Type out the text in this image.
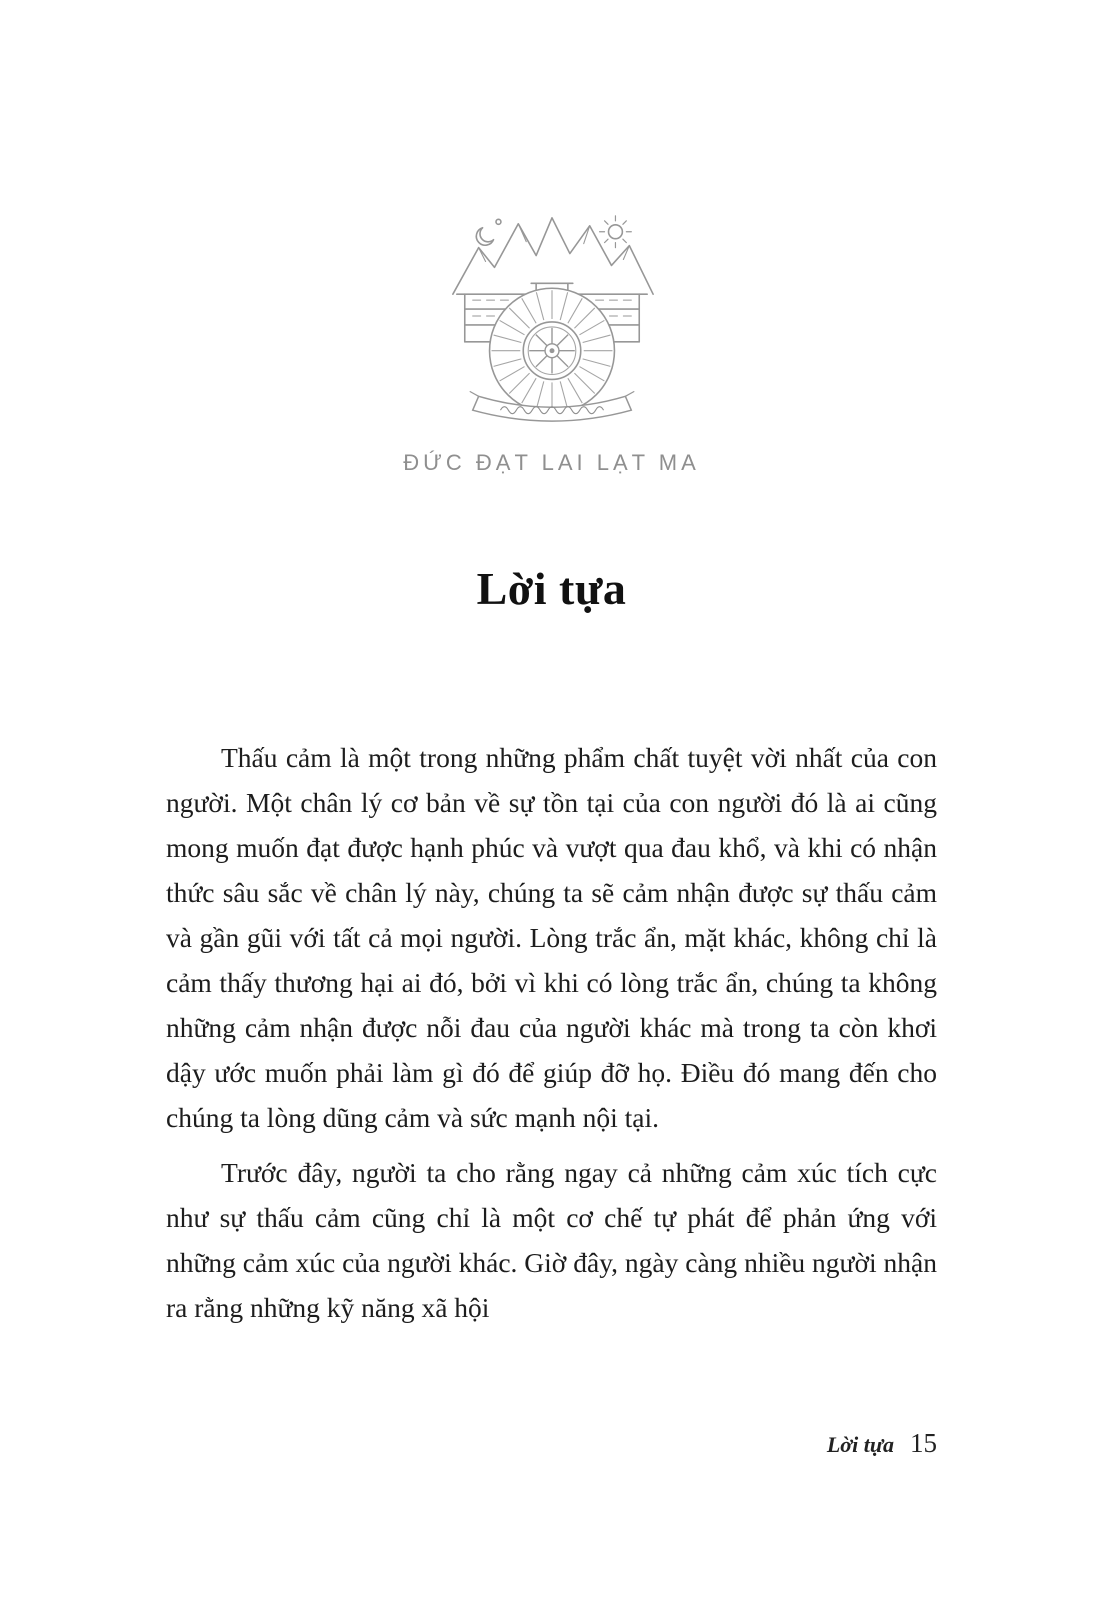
ĐỨC ĐẠT LAI LẠT MA
Lời tựa

Thấu cảm là một trong những phẩm chất tuyệt vời nhất của con người. Một chân lý cơ bản về sự tồn tại của con người đó là ai cũng mong muốn đạt được hạnh phúc và vượt qua đau khổ, và khi có nhận thức sâu sắc về chân lý này, chúng ta sẽ cảm nhận được sự thấu cảm và gần gũi với tất cả mọi người. Lòng trắc ẩn, mặt khác, không chỉ là cảm thấy thương hại ai đó, bởi vì khi có lòng trắc ẩn, chúng ta không những cảm nhận được nỗi đau của người khác mà trong ta còn khơi dậy ước muốn phải làm gì đó để giúp đỡ họ. Điều đó mang đến cho chúng ta lòng dũng cảm và sức mạnh nội tại.

Trước đây, người ta cho rằng ngay cả những cảm xúc tích cực như sự thấu cảm cũng chỉ là một cơ chế tự phát để phản ứng với những cảm xúc của người khác. Giờ đây, ngày càng nhiều người nhận ra rằng những kỹ năng xã hội

Lời tựa 15
